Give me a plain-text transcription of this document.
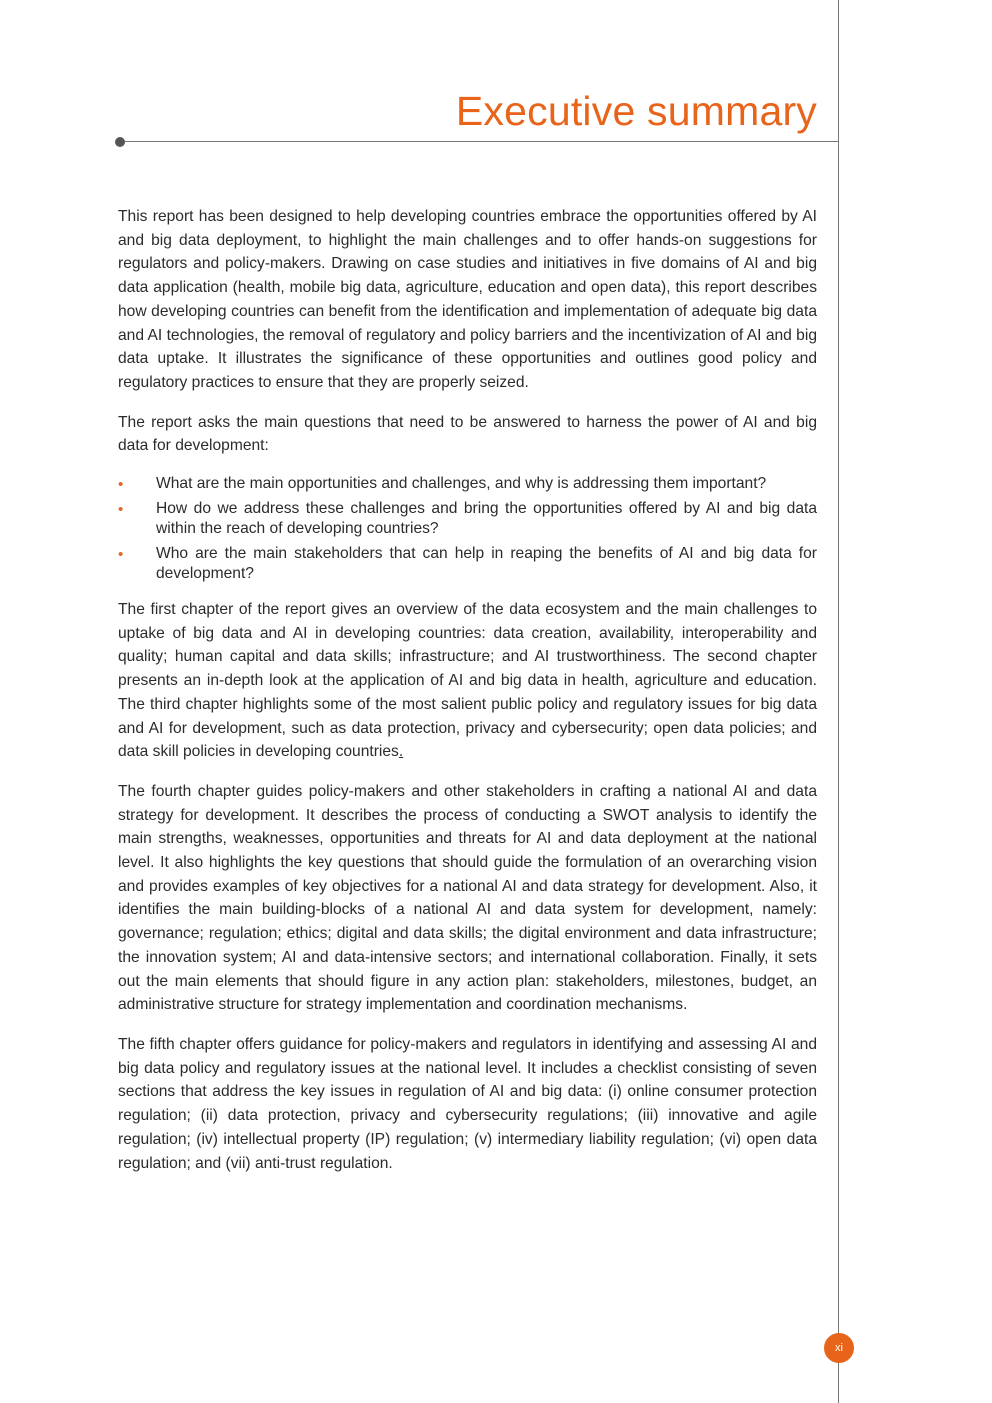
Executive summary

This report has been designed to help developing countries embrace the opportunities offered by AI and big data deployment, to highlight the main challenges and to offer hands-on suggestions for regulators and policy-makers. Drawing on case studies and initiatives in five domains of AI and big data application (health, mobile big data, agriculture, education and open data), this report describes how developing countries can benefit from the identification and implementation of adequate big data and AI technologies, the removal of regulatory and policy barriers and the incentivization of AI and big data uptake. It illustrates the significance of these opportunities and outlines good policy and regulatory practices to ensure that they are properly seized.

The report asks the main questions that need to be answered to harness the power of AI and big data for development:

• What are the main opportunities and challenges, and why is addressing them important?
• How do we address these challenges and bring the opportunities offered by AI and big data within the reach of developing countries?
• Who are the main stakeholders that can help in reaping the benefits of AI and big data for development?

The first chapter of the report gives an overview of the data ecosystem and the main challenges to uptake of big data and AI in developing countries: data creation, availability, interoperability and quality; human capital and data skills; infrastructure; and AI trustworthiness. The second chapter presents an in-depth look at the application of AI and big data in health, agriculture and education. The third chapter highlights some of the most salient public policy and regulatory issues for big data and AI for development, such as data protection, privacy and cybersecurity; open data policies; and data skill policies in developing countries.

The fourth chapter guides policy-makers and other stakeholders in crafting a national AI and data strategy for development. It describes the process of conducting a SWOT analysis to identify the main strengths, weaknesses, opportunities and threats for AI and data deployment at the national level. It also highlights the key questions that should guide the formulation of an overarching vision and provides examples of key objectives for a national AI and data strategy for development. Also, it identifies the main building-blocks of a national AI and data system for development, namely: governance; regulation; ethics; digital and data skills; the digital environment and data infrastructure; the innovation system; AI and data-intensive sectors; and international collaboration. Finally, it sets out the main elements that should figure in any action plan: stakeholders, milestones, budget, an administrative structure for strategy implementation and coordination mechanisms.

The fifth chapter offers guidance for policy-makers and regulators in identifying and assessing AI and big data policy and regulatory issues at the national level. It includes a checklist consisting of seven sections that address the key issues in regulation of AI and big data: (i) online consumer protection regulation; (ii) data protection, privacy and cybersecurity regulations; (iii) innovative and agile regulation; (iv) intellectual property (IP) regulation; (v) intermediary liability regulation; (vi) open data regulation; and (vii) anti-trust regulation.

xi
